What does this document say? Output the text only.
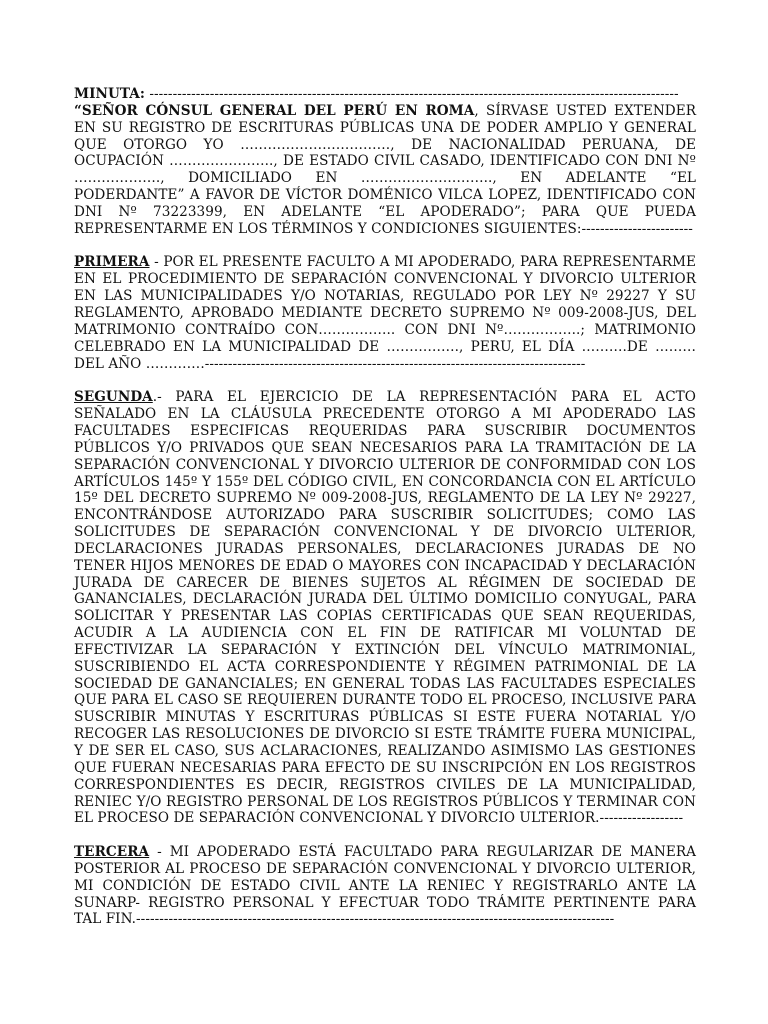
MINUTA: ------------------------------------------------------------------------------------------------------------------
“SEÑOR CÓNSUL GENERAL DEL PERÚ EN ROMA, SÍRVASE USTED EXTENDER EN SU REGISTRO DE ESCRITURAS PÚBLICAS UNA DE PODER AMPLIO Y GENERAL QUE OTORGO YO ……………………………, DE NACIONALIDAD PERUANA, DE OCUPACIÓN ………………….., DE ESTADO CIVIL CASADO, IDENTIFICADO CON DNI Nº ………………., DOMICILIADO EN ……………………….., EN ADELANTE “EL PODERDANTE” A FAVOR DE VÍCTOR DOMÉNICO VILCA LOPEZ, IDENTIFICADO CON DNI Nº 73223399, EN ADELANTE “EL APODERADO”; PARA QUE PUEDA REPRESENTARME EN LOS TÉRMINOS Y CONDICIONES SIGUIENTES:------------------------

PRIMERA - POR EL PRESENTE FACULTO A MI APODERADO, PARA REPRESENTARME EN EL PROCEDIMIENTO DE SEPARACIÓN CONVENCIONAL Y DIVORCIO ULTERIOR EN LAS MUNICIPALIDADES Y/O NOTARIAS, REGULADO POR LEY Nº 29227 Y SU REGLAMENTO, APROBADO MEDIANTE DECRETO SUPREMO Nº 009-2008-JUS, DEL MATRIMONIO CONTRAÍDO CON…………….. CON DNI Nº……………..; MATRIMONIO CELEBRADO EN LA MUNICIPALIDAD DE ……………., PERU, EL DÍA ……….DE ……… DEL AÑO ………….----------------------------------------------------------------------------------

SEGUNDA.- PARA EL EJERCICIO DE LA REPRESENTACIÓN PARA EL ACTO SEÑALADO EN LA CLÁUSULA PRECEDENTE OTORGO A MI APODERADO LAS FACULTADES ESPECIFICAS REQUERIDAS PARA SUSCRIBIR DOCUMENTOS PÚBLICOS Y/O PRIVADOS QUE SEAN NECESARIOS PARA LA TRAMITACIÓN DE LA SEPARACIÓN CONVENCIONAL Y DIVORCIO ULTERIOR DE CONFORMIDAD CON LOS ARTÍCULOS 145º Y 155º DEL CÓDIGO CIVIL, EN CONCORDANCIA CON EL ARTÍCULO 15º DEL DECRETO SUPREMO Nº 009-2008-JUS, REGLAMENTO DE LA LEY Nº 29227, ENCONTRÁNDOSE AUTORIZADO PARA SUSCRIBIR SOLICITUDES; COMO LAS SOLICITUDES DE SEPARACIÓN CONVENCIONAL Y DE DIVORCIO ULTERIOR, DECLARACIONES JURADAS PERSONALES, DECLARACIONES JURADAS DE NO TENER HIJOS MENORES DE EDAD O MAYORES CON INCAPACIDAD Y DECLARACIÓN JURADA DE CARECER DE BIENES SUJETOS AL RÉGIMEN DE SOCIEDAD DE GANANCIALES, DECLARACIÓN JURADA DEL ÚLTIMO DOMICILIO CONYUGAL, PARA SOLICITAR Y PRESENTAR LAS COPIAS CERTIFICADAS QUE SEAN REQUERIDAS, ACUDIR A LA AUDIENCIA CON EL FIN DE RATIFICAR MI VOLUNTAD DE EFECTIVIZAR LA SEPARACIÓN Y EXTINCIÓN DEL VÍNCULO MATRIMONIAL, SUSCRIBIENDO EL ACTA CORRESPONDIENTE Y RÉGIMEN PATRIMONIAL DE LA SOCIEDAD DE GANANCIALES; EN GENERAL TODAS LAS FACULTADES ESPECIALES QUE PARA EL CASO SE REQUIEREN DURANTE TODO EL PROCESO, INCLUSIVE PARA SUSCRIBIR MINUTAS Y ESCRITURAS PÚBLICAS SI ESTE FUERA NOTARIAL Y/O RECOGER LAS RESOLUCIONES DE DIVORCIO SI ESTE TRÁMITE FUERA MUNICIPAL, Y DE SER EL CASO, SUS ACLARACIONES, REALIZANDO ASIMISMO LAS GESTIONES QUE FUERAN NECESARIAS PARA EFECTO DE SU INSCRIPCIÓN EN LOS REGISTROS CORRESPONDIENTES ES DECIR, REGISTROS CIVILES DE LA MUNICIPALIDAD, RENIEC Y/O REGISTRO PERSONAL DE LOS REGISTROS PÚBLICOS Y TERMINAR CON EL PROCESO DE SEPARACIÓN CONVENCIONAL Y DIVORCIO ULTERIOR.------------------

TERCERA - MI APODERADO ESTÁ FACULTADO PARA REGULARIZAR DE MANERA POSTERIOR AL PROCESO DE SEPARACIÓN CONVENCIONAL Y DIVORCIO ULTERIOR, MI CONDICIÓN DE ESTADO CIVIL ANTE LA RENIEC Y REGISTRARLO ANTE LA SUNARP- REGISTRO PERSONAL Y EFECTUAR TODO TRÁMITE PERTINENTE PARA TAL FIN.-------------------------------------------------------------------------------------------------------
